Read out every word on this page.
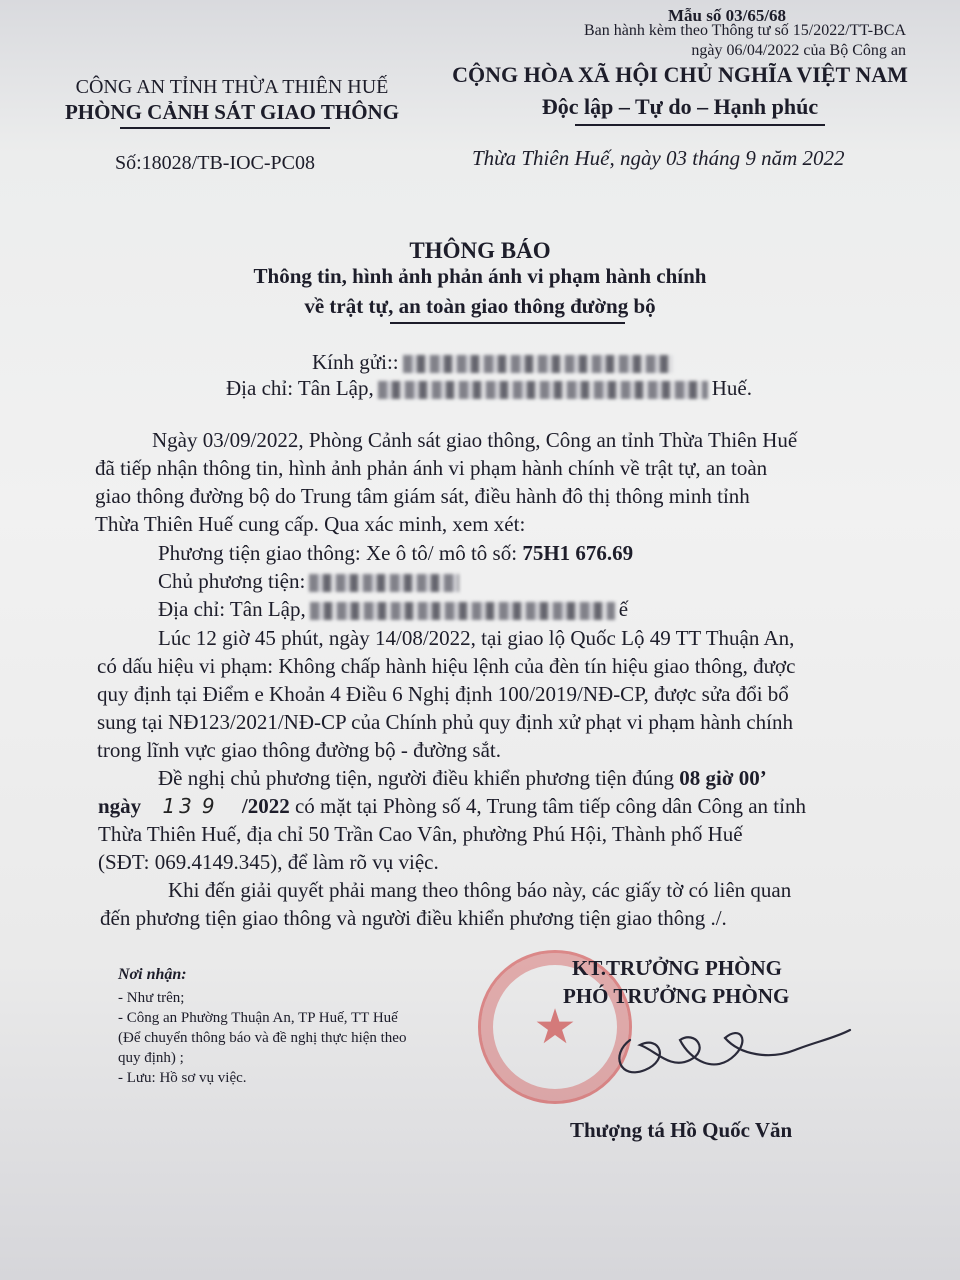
Mẫu số 03/65/68
Ban hành kèm theo Thông tư số 15/2022/TT-BCA
ngày 06/04/2022 của Bộ Công an
CÔNG AN TỈNH THỪA THIÊN HUẾ
PHÒNG CẢNH SÁT GIAO THÔNG
Số:18028/TB-IOC-PC08
CỘNG HÒA XÃ HỘI CHỦ NGHĨA VIỆT NAM
Độc lập – Tự do – Hạnh phúc
Thừa Thiên Huế, ngày 03 tháng 9 năm 2022
THÔNG BÁO
Thông tin, hình ảnh phản ánh vi phạm hành chính
về trật tự, an toàn giao thông đường bộ
Kính gửi::
Địa chỉ: Tân Lập,	Huế.
Ngày 03/09/2022, Phòng Cảnh sát giao thông, Công an tỉnh Thừa Thiên Huế
đã tiếp nhận thông tin, hình ảnh phản ánh vi phạm hành chính về trật tự, an toàn
giao thông đường bộ do Trung tâm giám sát, điều hành đô thị thông minh tỉnh
Thừa Thiên Huế cung cấp. Qua xác minh, xem xét:
Phương tiện giao thông: Xe ô tô/ mô tô số: 75H1 676.69
Chủ phương tiện:
Địa chỉ: Tân Lập,	ế
Lúc 12 giờ 45 phút, ngày 14/08/2022, tại giao lộ Quốc Lộ 49 TT Thuận An,
có dấu hiệu vi phạm: Không chấp hành hiệu lệnh của đèn tín hiệu giao thông, được
quy định tại Điểm e Khoản 4 Điều 6 Nghị định 100/2019/NĐ-CP, được sửa đổi bổ
sung tại NĐ123/2021/NĐ-CP của Chính phủ quy định xử phạt vi phạm hành chính
trong lĩnh vực giao thông đường bộ - đường sắt.
Đề nghị chủ phương tiện, người điều khiển phương tiện đúng 08 giờ 00’
ngày 13 9 /2022 có mặt tại Phòng số 4, Trung tâm tiếp công dân Công an tỉnh
Thừa Thiên Huế, địa chỉ 50 Trần Cao Vân, phường Phú Hội, Thành phố Huế
(SĐT: 069.4149.345), để làm rõ vụ việc.
Khi đến giải quyết phải mang theo thông báo này, các giấy tờ có liên quan
đến phương tiện giao thông và người điều khiển phương tiện giao thông ./.
Nơi nhận:
- Như trên;
- Công an Phường Thuận An, TP Huế, TT Huế
(Để chuyển thông báo và đề nghị thực hiện theo
quy định) ;
- Lưu: Hồ sơ vụ việc.
★
KT.TRƯỞNG PHÒNG
PHÓ TRƯỞNG PHÒNG
Thượng tá Hồ Quốc Văn
